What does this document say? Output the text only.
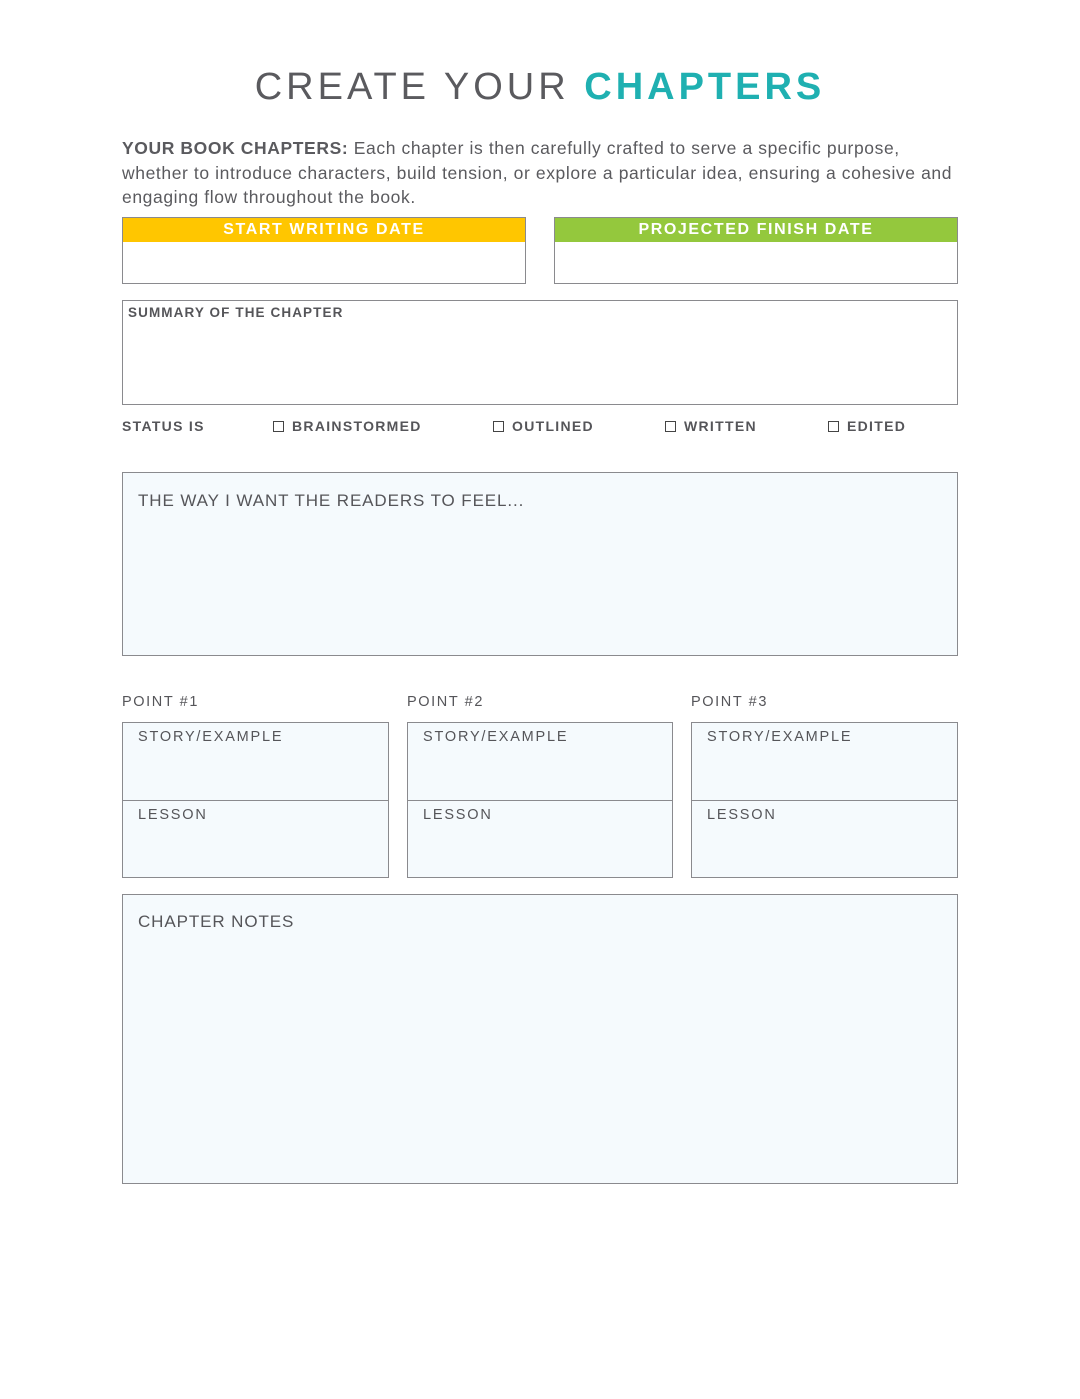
CREATE YOUR CHAPTERS
YOUR BOOK CHAPTERS: Each chapter is then carefully crafted to serve a specific purpose, whether to introduce characters, build tension, or explore a particular idea, ensuring a cohesive and engaging flow throughout the book.
START WRITING DATE	PROJECTED FINISH DATE
SUMMARY OF THE CHAPTER
STATUS IS	BRAINSTORMED	OUTLINED	WRITTEN	EDITED
THE WAY I WANT THE READERS TO FEEL...
POINT #1	POINT #2	POINT #3
STORY/EXAMPLE
LESSON
STORY/EXAMPLE
LESSON
STORY/EXAMPLE
LESSON
CHAPTER NOTES
